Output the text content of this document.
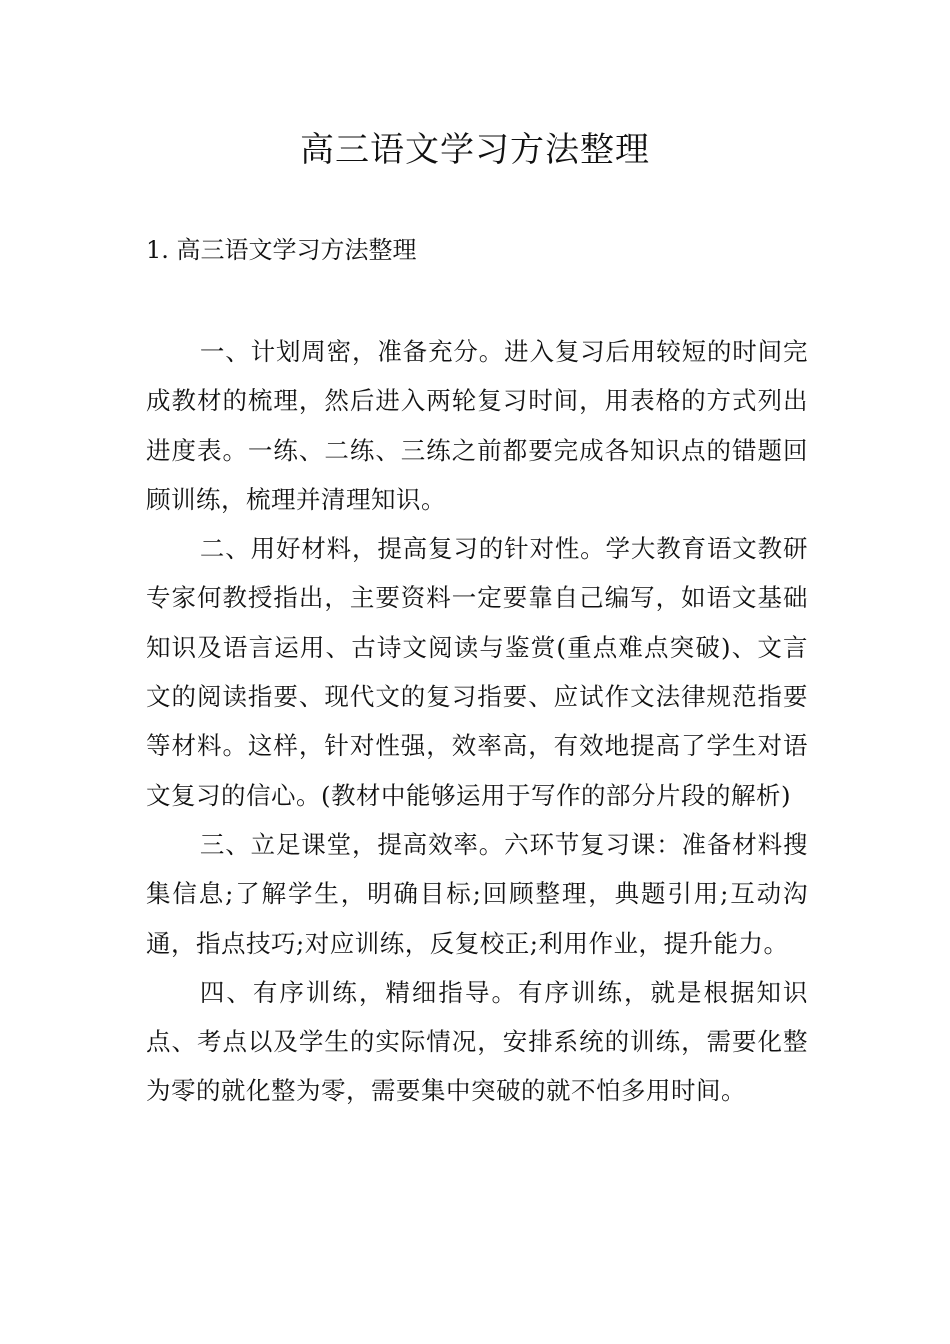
高三语文学习方法整理
1. 高三语文学习方法整理

一、计划周密，准备充分。进入复习后用较短的时间完成教材的梳理，然后进入两轮复习时间，用表格的方式列出进度表。一练、二练、三练之前都要完成各知识点的错题回顾训练，梳理并清理知识。

二、用好材料，提高复习的针对性。学大教育语文教研专家何教授指出，主要资料一定要靠自己编写，如语文基础知识及语言运用、古诗文阅读与鉴赏(重点难点突破)、文言文的阅读指要、现代文的复习指要、应试作文法律规范指要等材料。这样，针对性强，效率高，有效地提高了学生对语文复习的信心。(教材中能够运用于写作的部分片段的解析)

三、立足课堂，提高效率。六环节复习课：准备材料搜集信息;了解学生，明确目标;回顾整理，典题引用;互动沟通，指点技巧;对应训练，反复校正;利用作业，提升能力。

四、有序训练，精细指导。有序训练，就是根据知识点、考点以及学生的实际情况，安排系统的训练，需要化整为零的就化整为零，需要集中突破的就不怕多用时间。
